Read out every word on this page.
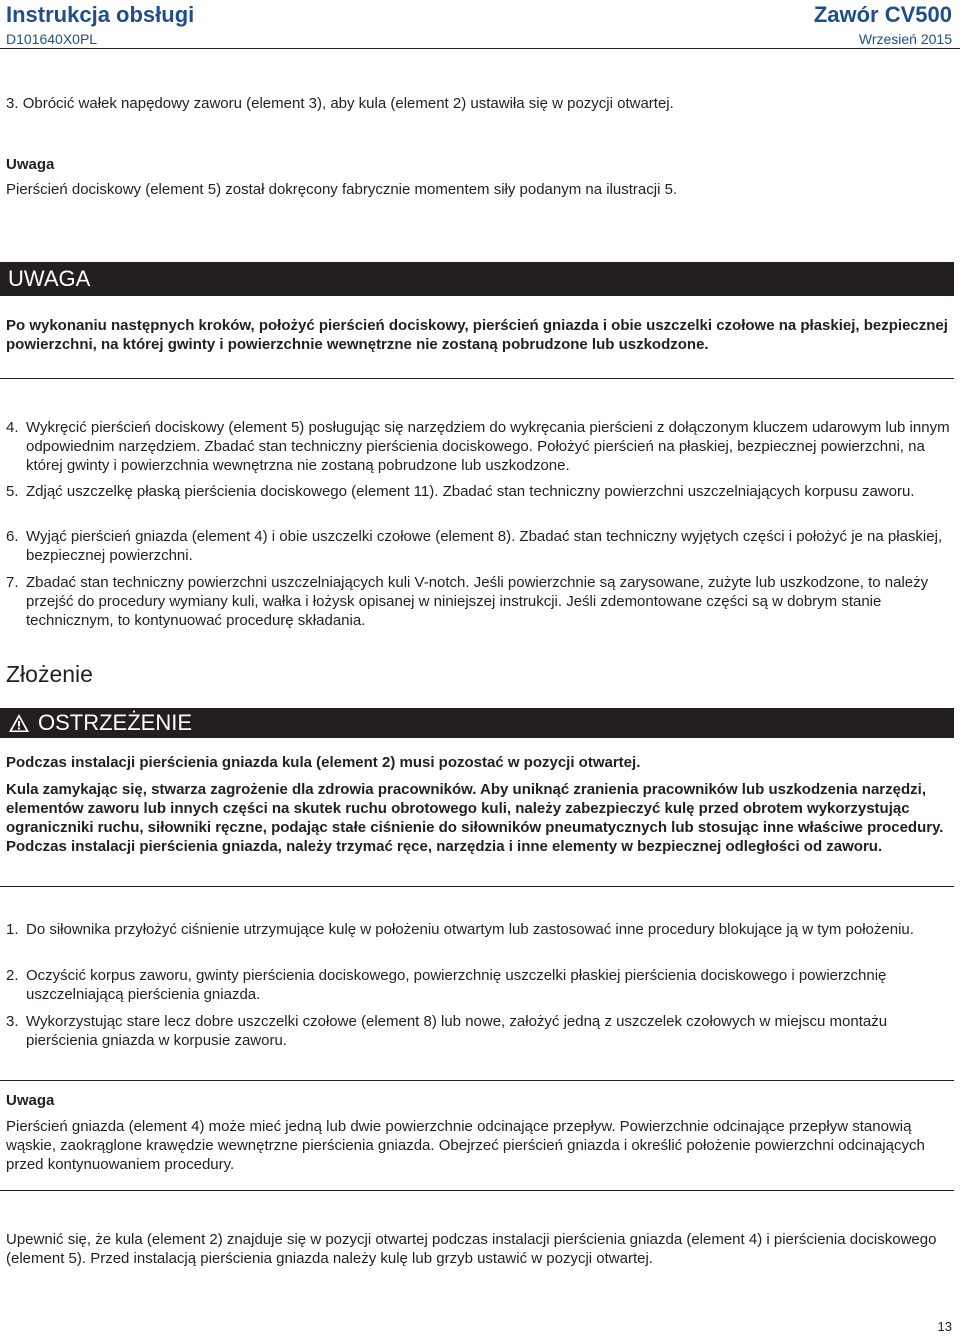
Instrukcja obsługi
D101640X0PL
Zawór CV500
Wrzesień 2015
3. Obrócić wałek napędowy zaworu (element 3), aby kula (element 2) ustawiła się w pozycji otwartej.
Uwaga
Pierścień dociskowy (element 5) został dokręcony fabrycznie momentem siły podanym na ilustracji 5.
UWAGA
Po wykonaniu następnych kroków, położyć pierścień dociskowy, pierścień gniazda i obie uszczelki czołowe na płaskiej, bezpiecznej powierzchni, na której gwinty i powierzchnie wewnętrzne nie zostaną pobrudzone lub uszkodzone.
4. Wykręcić pierścień dociskowy (element 5) posługując się narzędziem do wykręcania pierścieni z dołączonym kluczem udarowym lub innym odpowiednim narzędziem. Zbadać stan techniczny pierścienia dociskowego. Położyć pierścień na płaskiej, bezpiecznej powierzchni, na której gwinty i powierzchnia wewnętrzna nie zostaną pobrudzone lub uszkodzone.
5. Zdjąć uszczelkę płaską pierścienia dociskowego (element 11). Zbadać stan techniczny powierzchni uszczelniających korpusu zaworu.
6. Wyjąć pierścień gniazda (element 4) i obie uszczelki czołowe (element 8). Zbadać stan techniczny wyjętych części i położyć je na płaskiej, bezpiecznej powierzchni.
7. Zbadać stan techniczny powierzchni uszczelniających kuli V-notch. Jeśli powierzchnie są zarysowane, zużyte lub uszkodzone, to należy przejść do procedury wymiany kuli, wałka i łożysk opisanej w niniejszej instrukcji. Jeśli zdemontowane części są w dobrym stanie technicznym, to kontynuować procedurę składania.
Złożenie
OSTRZEŻENIE
Podczas instalacji pierścienia gniazda kula (element 2) musi pozostać w pozycji otwartej.
Kula zamykając się, stwarza zagrożenie dla zdrowia pracowników. Aby uniknąć zranienia pracowników lub uszkodzenia narzędzi, elementów zaworu lub innych części na skutek ruchu obrotowego kuli, należy zabezpieczyć kulę przed obrotem wykorzystując ograniczniki ruchu, siłowniki ręczne, podając stałe ciśnienie do siłowników pneumatycznych lub stosując inne właściwe procedury. Podczas instalacji pierścienia gniazda, należy trzymać ręce, narzędzia i inne elementy w bezpiecznej odległości od zaworu.
1. Do siłownika przyłożyć ciśnienie utrzymujące kulę w położeniu otwartym lub zastosować inne procedury blokujące ją w tym położeniu.
2. Oczyścić korpus zaworu, gwinty pierścienia dociskowego, powierzchnię uszczelki płaskiej pierścienia dociskowego i powierzchnię uszczelniającą pierścienia gniazda.
3. Wykorzystując stare lecz dobre uszczelki czołowe (element 8) lub nowe, założyć jedną z uszczelek czołowych w miejscu montażu pierścienia gniazda w korpusie zaworu.
Uwaga
Pierścień gniazda (element 4) może mieć jedną lub dwie powierzchnie odcinające przepływ. Powierzchnie odcinające przepływ stanowią wąskie, zaokrąglone krawędzie wewnętrzne pierścienia gniazda. Obejrzeć pierścień gniazda i określić położenie powierzchni odcinających przed kontynuowaniem procedury.
Upewnić się, że kula (element 2) znajduje się w pozycji otwartej podczas instalacji pierścienia gniazda (element 4) i pierścienia dociskowego (element 5). Przed instalacją pierścienia gniazda należy kulę lub grzyb ustawić w pozycji otwartej.
13
